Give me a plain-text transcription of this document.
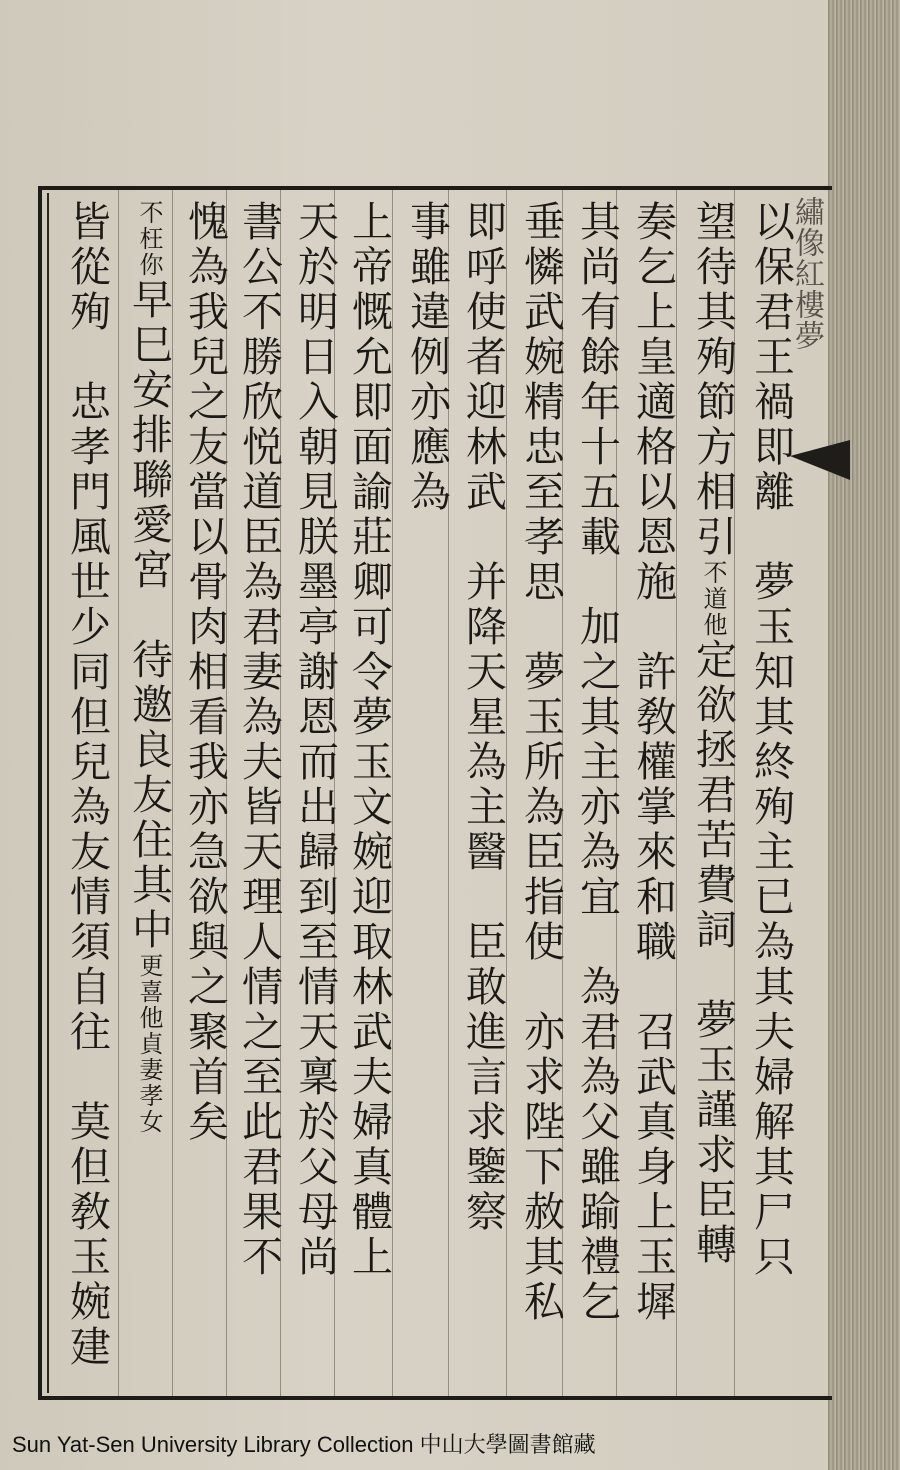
繡像紅樓夢
以保君王禍即離　夢玉知其終殉主已為其夫婦解其尸只
望待其殉節方相引不道他定欲拯君苦費詞　夢玉謹求臣轉
奏乞上皇適格以恩施　許敎權掌來和職　召武真身上玉墀
其尚有餘年十五載　加之其主亦為宜　為君為父雖踰禮乞
垂憐武婉精忠至孝思　夢玉所為臣指使　亦求陛下赦其私
即呼使者迎林武　并降天星為主醫　臣敢進言求鑒察
事雖違例亦應為
上帝慨允即面諭莊卿可令夢玉文婉迎取林武夫婦真體上
天於明日入朝見朕墨亭謝恩而出歸到至情天稟於父母尚
書公不勝欣悦道臣為君妻為夫皆天理人情之至此君果不
愧為我兒之友當以骨肉相看我亦急欲與之聚首矣
不枉你早巳安排聯愛宮　待邀良友住其中更喜他貞妻孝女
皆從殉　忠孝門風世少同但兒為友情須自往　莫但敎玉婉建
Sun Yat-Sen University Library Collection 中山大學圖書館藏
